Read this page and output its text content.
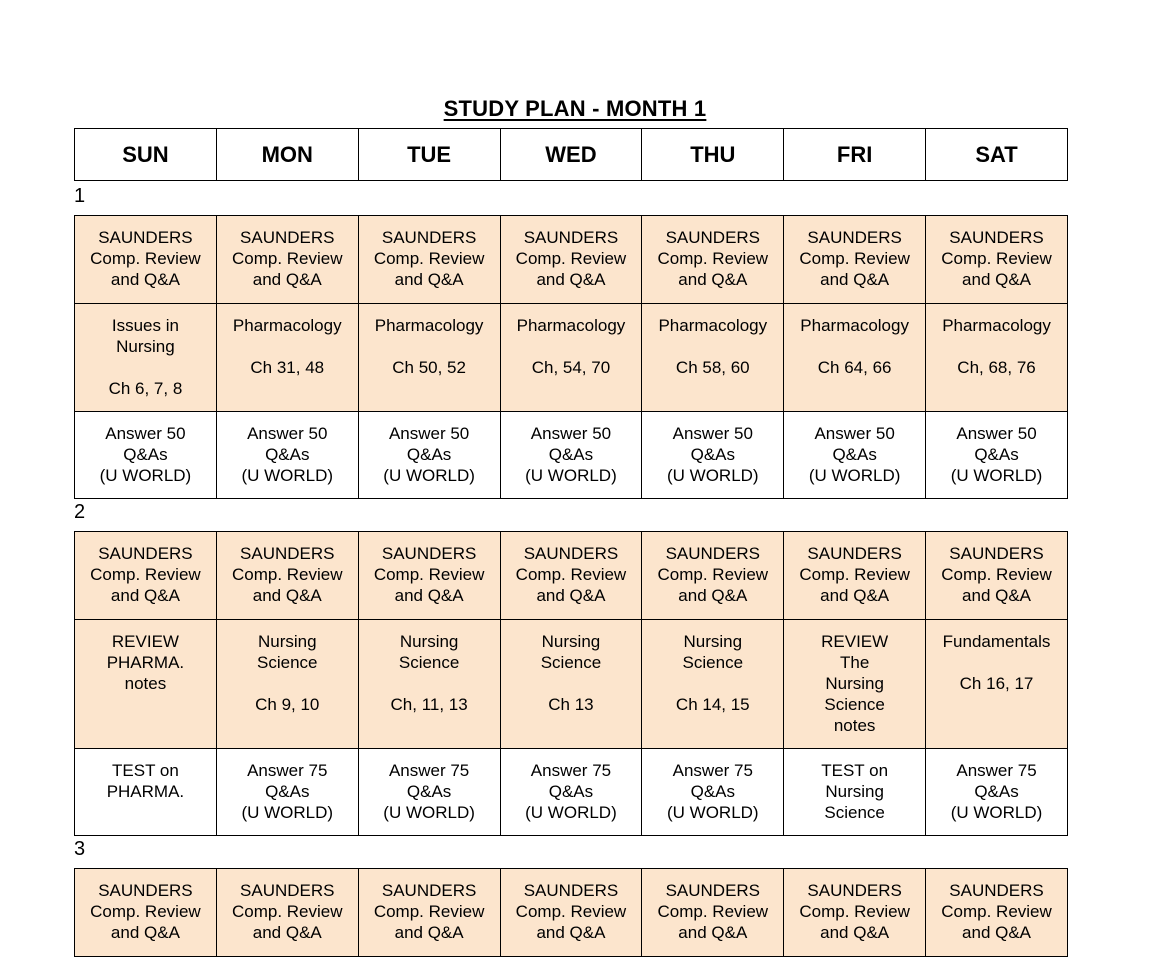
STUDY PLAN - MONTH 1
SUN	MON	TUE	WED	THU	FRI	SAT
1
SAUNDERS
Comp. Review
and Q&A	SAUNDERS
Comp. Review
and Q&A	SAUNDERS
Comp. Review
and Q&A	SAUNDERS
Comp. Review
and Q&A	SAUNDERS
Comp. Review
and Q&A	SAUNDERS
Comp. Review
and Q&A	SAUNDERS
Comp. Review
and Q&A
Issues in
Nursing

Ch 6, 7, 8	Pharmacology

Ch 31, 48	Pharmacology

Ch 50, 52	Pharmacology

Ch, 54, 70	Pharmacology

Ch 58, 60	Pharmacology

Ch 64, 66	Pharmacology

Ch, 68, 76
Answer 50
Q&As
(U WORLD)	Answer 50
Q&As
(U WORLD)	Answer 50
Q&As
(U WORLD)	Answer 50
Q&As
(U WORLD)	Answer 50
Q&As
(U WORLD)	Answer 50
Q&As
(U WORLD)	Answer 50
Q&As
(U WORLD)
2
SAUNDERS
Comp. Review
and Q&A	SAUNDERS
Comp. Review
and Q&A	SAUNDERS
Comp. Review
and Q&A	SAUNDERS
Comp. Review
and Q&A	SAUNDERS
Comp. Review
and Q&A	SAUNDERS
Comp. Review
and Q&A	SAUNDERS
Comp. Review
and Q&A
REVIEW
PHARMA.
notes	Nursing
Science

Ch 9, 10	Nursing
Science

Ch, 11, 13	Nursing
Science

Ch 13	Nursing
Science

Ch 14, 15	REVIEW
The
Nursing
Science
notes	Fundamentals

Ch 16, 17
TEST on
PHARMA.	Answer 75
Q&As
(U WORLD)	Answer 75
Q&As
(U WORLD)	Answer 75
Q&As
(U WORLD)	Answer 75
Q&As
(U WORLD)	TEST on
Nursing
Science	Answer 75
Q&As
(U WORLD)
3
SAUNDERS
Comp. Review
and Q&A	SAUNDERS
Comp. Review
and Q&A	SAUNDERS
Comp. Review
and Q&A	SAUNDERS
Comp. Review
and Q&A	SAUNDERS
Comp. Review
and Q&A	SAUNDERS
Comp. Review
and Q&A	SAUNDERS
Comp. Review
and Q&A
